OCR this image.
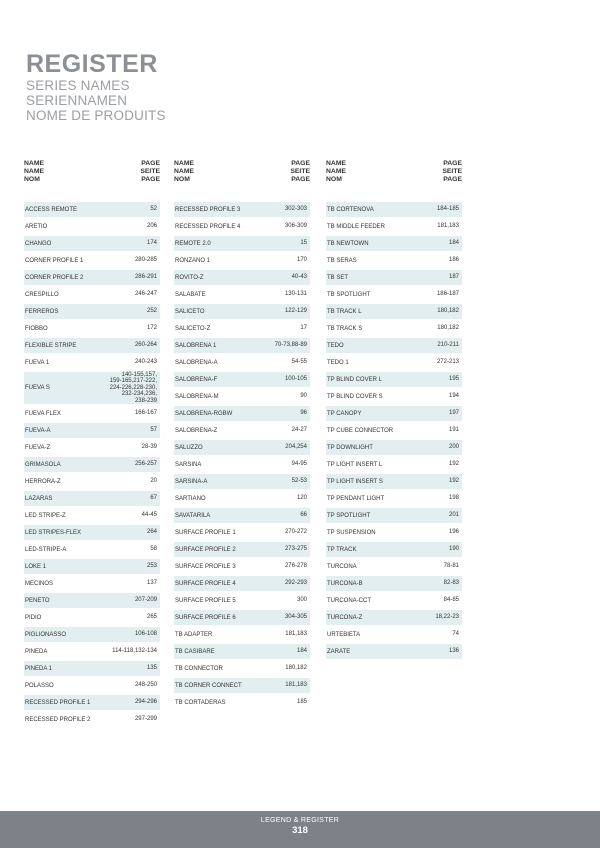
REGISTER
SERIES NAMES
SERIENNAMEN
NOME DE PRODUITS
NAME
NAME
NOM
PAGE
SEITE
PAGE
ACCESS REMOTE	52
ARETIO	206
CHANGO	174
CORNER PROFILE 1	280-285
CORNER PROFILE 2	286-291
CRESPILLO	246-247
FERREROS	252
FIOBBO	172
FLEXIBLE STRIPE	260-264
FUEVA 1	240-243
FUEVA S
140-155,157,
159-165,217-222,
224-226,228-230,
232-234,236,
238-239
FUEVA FLEX	166-167
FUEVA-A	57
FUEVA-Z	28-39
GRIMASOLA	256-257
HERRORA-Z	20
LAZARAS	67
LED STRIPE-Z	44-45
LED STRIPES-FLEX	264
LED-STRIPE-A	58
LOKE 1	253
MECINOS	137
PENETO	207-209
PIDIO	265
PIGLIONASSO	106-108
PINEDA	114-118,132-134
PINEDA 1	135
POLASSO	248-250
RECESSED PROFILE 1	294-296
RECESSED PROFILE 2	297-299
NAME
NAME
NOM
PAGE
SEITE
PAGE
RECESSED PROFILE 3	302-303
RECESSED PROFILE 4	306-309
REMOTE 2.0	15
RONZANO 1	170
ROVITO-Z	40-43
SALABATE	130-131
SALICETO	122-129
SALICETO-Z	17
SALOBRENA 1	70-73,88-89
SALOBRENA-A	54-55
SALOBRENA-F	100-105
SALOBRENA-M	90
SALOBRENA-RGBW	96
SALOBRENA-Z	24-27
SALUZZO	204,254
SARSINA	94-95
SARSINA-A	52-53
SARTIANO	120
SAVATARILA	66
SURFACE PROFILE 1	270-272
SURFACE PROFILE 2	273-275
SURFACE PROFILE 3	276-278
SURFACE PROFILE 4	292-293
SURFACE PROFILE 5	300
SURFACE PROFILE 6	304-305
TB ADAPTER	181,183
TB CASIBARE	184
TB CONNECTOR	180,182
TB CORNER CONNECT	181,183
TB CORTADERAS	185
NAME
NAME
NOM
PAGE
SEITE
PAGE
TB CORTENOVA	184-185
TB MIDDLE FEEDER	181,183
TB NEWTOWN	184
TB SERAS	186
TB SET	187
TB SPOTLIGHT	186-187
TB TRACK L	180,182
TB TRACK S	180,182
TEDO	210-211
TEDO 1	272-213
TP BLIND COVER L	195
TP BLIND COVER S	194
TP CANOPY	197
TP CUBE CONNECTOR	191
TP DOWNLIGHT	200
TP LIGHT INSERT L	192
TP LIGHT INSERT S	192
TP PENDANT LIGHT	198
TP SPOTLIGHT	201
TP SUSPENSION	196
TP TRACK	190
TURCONA	78-81
TURCONA-B	82-83
TURCONA-CCT	84-85
TURCONA-Z	18,22-23
URTEBIETA	74
ZARATE	136
LEGEND & REGISTER
318
